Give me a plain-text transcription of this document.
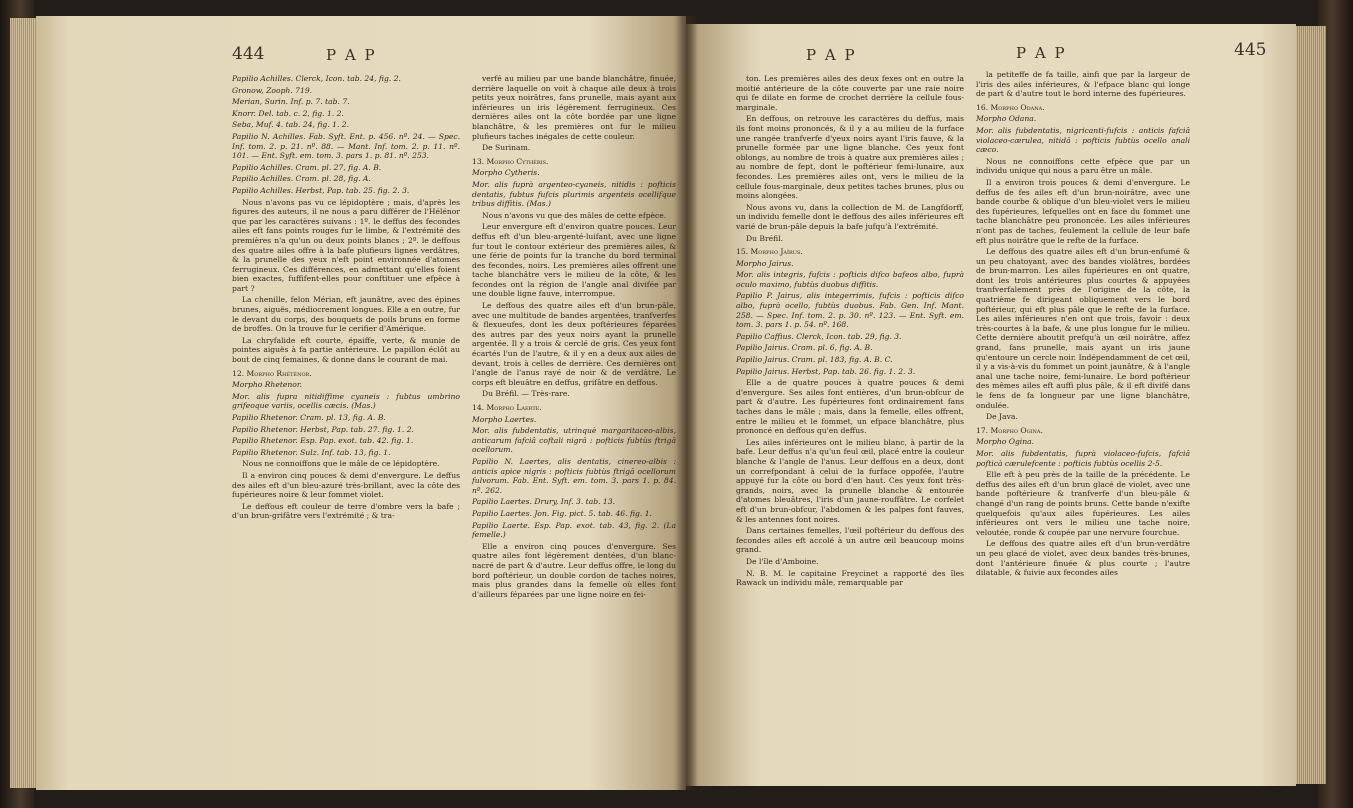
444	P A P

Papilio Achilles. Clerck, Icon. tab. 24, fig. 2.

Gronow, Zooph. 719.

Merian, Surin. Inf. p. 7. tab. 7.

Knorr. Del. tab. c. 2, fig. 1. 2.

Seba, Muf. 4. tab. 24, fig. 1. 2.

Papilio N. Achilles. Fab. Syft. Ent. p. 456. nº. 24. — Spec. Inf. tom. 2. p. 21. nº. 88. — Mant. Inf. tom. 2. p. 11. nº. 101. — Ent. Syft. em. tom. 3. pars 1. p. 81. nº. 253.

Papilio Achilles. Cram. pl. 27, fig. A. B.

Papilio Achilles. Cram. pl. 28, fig. A.

Papilio Achilles. Herbst, Pap. tab. 25. fig. 2. 3.

Nous n'avons pas vu ce lépidoptère ; mais, d'après les figures des auteurs, il ne nous a paru différer de l'Hélénor que par les caractères suivans : 1º. le deffus des fecondes ailes eft fans points rouges fur le limbe, & l'extrémité des premières n'a qu'un ou deux points blancs ; 2º. le deffous des quatre ailes offre à la bafe plufieurs lignes verdâtres, & la prunelle des yeux n'eft point environnée d'atomes ferrugineux. Ces différences, en admettant qu'elles foient bien exactes, fuffifent-elles pour conftituer une efpèce à part ?

La chenille, felon Mérian, eft jaunâtre, avec des épines brunes, aiguës, médiocrement longues. Elle a en outre, fur le devant du corps, des bouquets de poils bruns en forme de broffes. On la trouve fur le cerifier d'Amérique.

La chryfalide eft courte, épaiffe, verte, & munie de pointes aiguës à fa partie antérieure. Le papillon éclôt au bout de cinq femaines, & donne dans le courant de mai.

12. Morpho Rhéténor.

Morpho Rhetenor.

Mor. alis fupra nitidiffime cyaneis : fubtus umbrino grifeoque variis, ocellis cæcis. (Mas.)

Papilio Rhetenor. Cram. pl. 13, fig. A. B.

Papilio Rhetenor. Herbst, Pap. tab. 27. fig. 1. 2.

Papilio Rhetenor. Esp. Pap. exot. tab. 42. fig. 1.

Papilio Rhetenor. Sulz. Inf. tab. 13, fig. 1.

Nous ne connoiffons que le mâle de ce lépidoptère.

Il a environ cinq pouces & demi d'envergure. Le deffus des ailes eft d'un bleu-azuré très-brillant, avec la côte des fupérieures noire & leur fommet violet.

Le deffous eft couleur de terre d'ombre vers la bafe ; d'un brun-grifâtre vers l'extrémité ; & tra-

verfé au milieu par une bande blanchâtre, finuée, derrière laquelle on voit à chaque aile deux à trois petits yeux noirâtres, fans prunelle, mais ayant aux inférieures un iris légèrement ferrugineux. Ces dernières ailes ont la côte bordée par une ligne blanchâtre, & les premières ont fur le milieu plufieurs taches inégales de cette couleur.

De Surinam.

13. Morpho Cythéris.

Morpho Cytheris.

Mor. alis fuprà argenteo-cyaneis, nitidis : pofticis dentatis, fubtus fufcis plurimis argenteis ocellifque tribus diffitis. (Mas.)

Nous n'avons vu que des mâles de cette efpèce.

Leur envergure eft d'environ quatre pouces. Leur deffus eft d'un bleu-argenté-luifant, avec une ligne fur tout le contour extérieur des premières ailes, & une férie de points fur la tranche du bord terminal des fecondes, noirs. Les premières ailes offrent une tache blanchâtre vers le milieu de la côte, & les fecondes ont la région de l'angle anal divifée par une double ligne fauve, interrompue.

Le deffous des quatre ailes eft d'un brun-pâle, avec une multitude de bandes argentées, tranfverfes & flexueufes, dont les deux poftérieures féparées des autres par des yeux noirs ayant la prunelle argentée. Il y a trois & cerclé de gris. Ces yeux font écartés l'un de l'autre, & il y en a deux aux ailes de devant, trois à celles de derrière. Ces dernières ont l'angle de l'anus rayé de noir & de verdâtre. Le corps eft bleuâtre en deffus, grifâtre en deffous.

Du Bréfil. — Très-rare.

14. Morpho Laerte.

Morpho Laertes.

Mor. alis fubdentatis, utrinquè margaritaceo-albis, anticarum fafciâ coftali nigrâ : pofticis fubtùs ftrigâ ocellorum.

Papilio N. Laertes, alis dentatis, cinereo-albis : anticis apice nigris : pofticis fubtùs ftrigâ ocellorum fulvorum. Fab. Ent. Syft. em. tom. 3. pars 1. p. 84. nº. 262.

Papilio Laertes. Drury, Inf. 3. tab. 13.

Papilio Laertes. Jon. Fig. pict. 5. tab. 46. fig. 1.

Papilio Laerte. Esp. Pap. exot. tab. 43, fig. 2. (La femelle.)

Elle a environ cinq pouces d'envergure. Ses quatre ailes font légèrement dentées, d'un blanc-nacré de part & d'autre. Leur deffus offre, le long du bord poftérieur, un double cordon de taches noires, mais plus grandes dans la femelle où elles font d'ailleurs féparées par une ligne noire en fei-

P A P	P A P	445

ton. Les premières ailes des deux fexes ont en outre la moitié antérieure de la côte couverte par une raie noire qui fe dilate en forme de crochet derrière la cellule fous-marginale.

En deffous, on retrouve les caractères du deffus, mais ils font moins prononcés, & il y a au milieu de la furface une rangée tranfverfe d'yeux noirs ayant l'iris fauve, & la prunelle formée par une ligne blanche. Ces yeux font oblongs, au nombre de trois à quatre aux premières ailes ; au nombre de fept, dont le poftérieur femi-lunaire, aux fecondes. Les premières ailes ont, vers le milieu de la cellule fous-marginale, deux petites taches brunes, plus ou moins alongées.

Nous avons vu, dans la collection de M. de Langfdorff, un individu femelle dont le deffous des ailes inférieures eft varié de brun-pâle depuis la bafe jufqu'à l'extrémité.

Du Bréfil.

15. Morpho Jaïrus.

Morpho Jairus.

Mor. alis integris, fufcis : pofticis difco bafeos albo, fuprà oculo maximo, fubtùs duobus diffitis.

Papilio P. Jairus, alis integerrimis, fufcis : pofticis difco albo, fuprà ocello, fubtùs duobus. Fab. Gen. Inf. Mant. 258. — Spec. Inf. tom. 2. p. 30. nº. 123. — Ent. Syft. em. tom. 3. pars 1. p. 54. nº. 168.

Papilio Caffius. Clerck, Icon. tab. 29, fig. 3.

Papilio Jairus. Cram. pl. 6, fig. A. B.

Papilio Jairus. Cram. pl. 183, fig. A. B. C.

Papilio Jairus. Herbst, Pap. tab. 26. fig. 1. 2. 3.

Elle a de quatre pouces à quatre pouces & demi d'envergure. Ses ailes font entières, d'un brun-obfcur de part & d'autre. Les fupérieures font ordinairement fans taches dans le mâle ; mais, dans la femelle, elles offrent, entre le milieu et le fommet, un efpace blanchâtre, plus prononcé en deffous qu'en deffus.

Les ailes inférieures ont le milieu blanc, à partir de la bafe. Leur deffus n'a qu'un feul œil, placé entre la couleur blanche & l'angle de l'anus. Leur deffous en a deux, dont un correfpondant à celui de la furface oppofée, l'autre appuyé fur la côte ou bord d'en haut. Ces yeux font très-grands, noirs, avec la prunelle blanche & entourée d'atomes bleuâtres, l'iris d'un jaune-rouffâtre. Le corfelet eft d'un brun-obfcur, l'abdomen & les palpes font fauves, & les antennes font noires.

Dans certaines femelles, l'œil poftérieur du deffous des fecondes ailes eft accolé à un autre œil beaucoup moins grand.

De l'île d'Amboine.

N. B. M. le capitaine Freycinet a rapporté des îles Rawack un individu mâle, remarquable par

la petiteffe de fa taille, ainfi que par la largeur de l'iris des ailes inférieures, & l'efpace blanc qui longe de part & d'autre tout le bord interne des fupérieures.

16. Morpho Odana.

Morpho Odana.

Mor. alis fubdentatis, nigricanti-fufcis : anticis fafciâ violaceo-cærulea, nitidâ : pofticis fubtùs ocello anali cæco.

Nous ne connoiffons cette efpèce que par un individu unique qui nous a paru être un mâle.

Il a environ trois pouces & demi d'envergure. Le deffus de fes ailes eft d'un brun-noirâtre, avec une bande courbe & oblique d'un bleu-violet vers le milieu des fupérieures, lefquelles ont en face du fommet une tache blanchâtre peu prononcée. Les ailes inférieures n'ont pas de taches, feulement la cellule de leur bafe eft plus noirâtre que le refte de la furface.

Le deffous des quatre ailes eft d'un brun-enfumé & un peu chatoyant, avec des bandes violâtres, bordées de brun-marron. Les ailes fupérieures en ont quatre, dont les trois antérieures plus courtes & appuyées tranfverfalement près de l'origine de la côte, la quatrième fe dirigeant obliquement vers le bord poftérieur, qui eft plus pâle que le refte de la furface. Les ailes inférieures n'en ont que trois, favoir : deux très-courtes à la bafe, & une plus longue fur le milieu. Cette dernière aboutit prefqu'à un œil noirâtre, affez grand, fans prunelle, mais ayant un iris jaune qu'entoure un cercle noir. Indépendamment de cet œil, il y a vis-à-vis du fommet un point jaunâtre, & à l'angle anal une tache noire, femi-lunaire. Le bord poftérieur des mêmes ailes eft auffi plus pâle, & il eft divifé dans le fens de fa longueur par une ligne blanchâtre, ondulée.

De Java.

17. Morpho Ogina.

Morpho Ogina.

Mor. alis fubdentatis, fuprà violaceo-fufcis, fafciâ pofticà cærulefcente : pofticis fubtùs ocellis 2-5.

Elle eft à peu près de la taille de la précédente. Le deffus des ailes eft d'un brun glacé de violet, avec une bande poftérieure & tranfverfe d'un bleu-pâle & changé d'un rang de points bruns. Cette bande n'exifte quelquefois qu'aux ailes fupérieures. Les ailes inférieures ont vers le milieu une tache noire, veloutée, ronde & coupée par une nervure fourchue.

Le deffous des quatre ailes eft d'un brun-verdâtre un peu glacé de violet, avec deux bandes très-brunes, dont l'antérieure finuée & plus courte ; l'autre dilatable, & fuivie aux fecondes ailes
